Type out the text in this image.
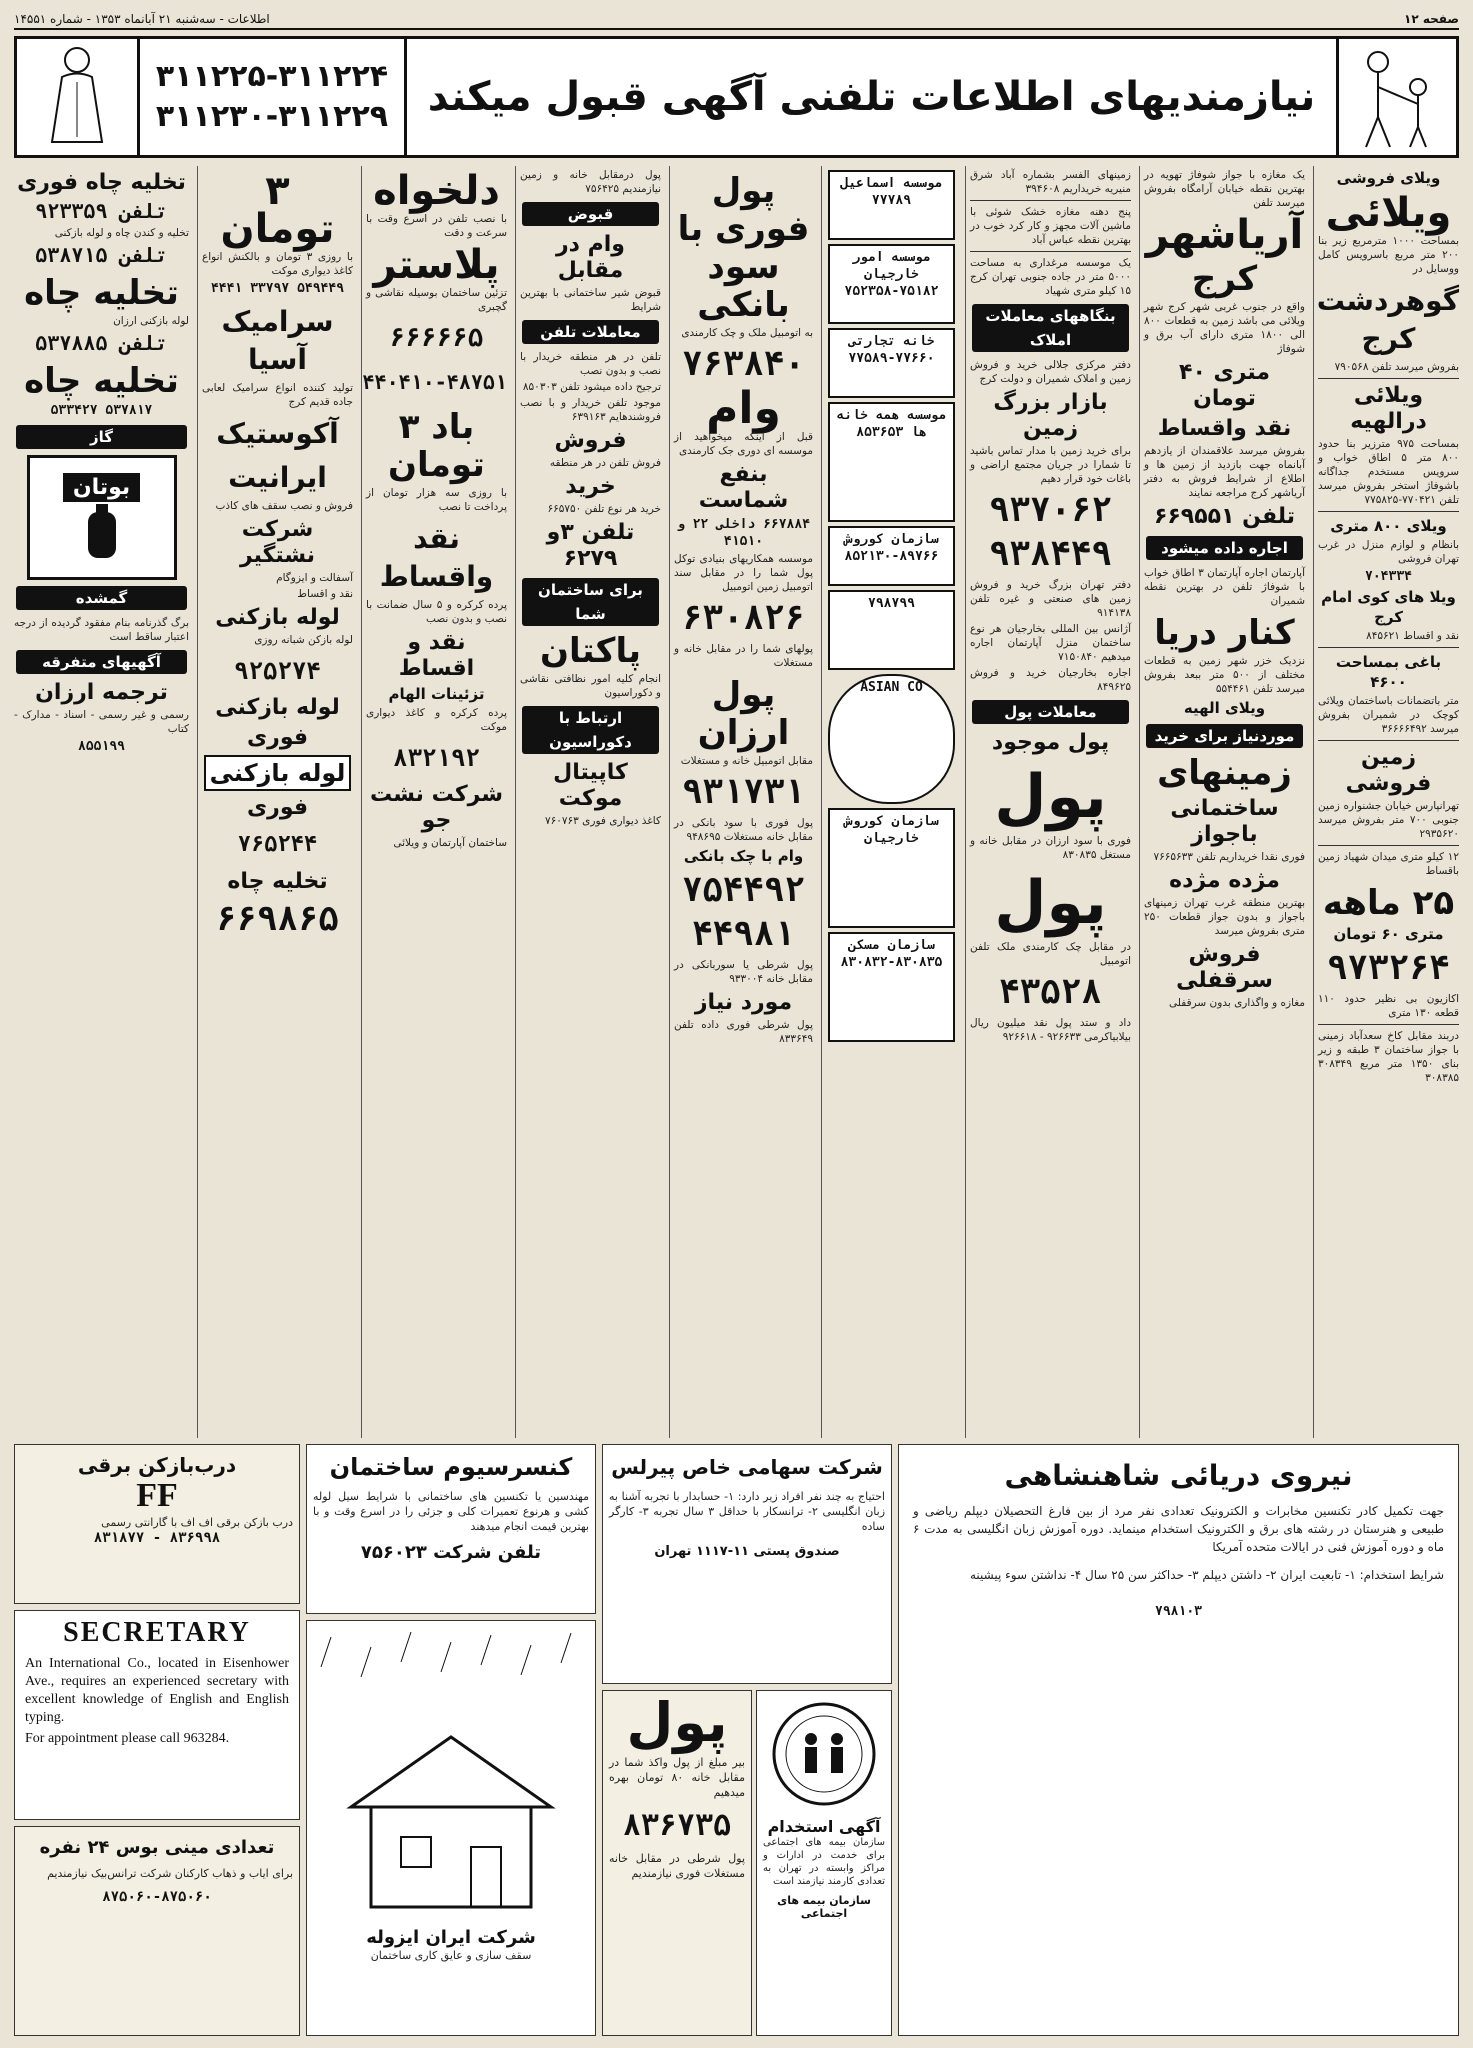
اطلاعات - سه‌شنبه ۲۱ آبانماه ۱۳۵۳ - شماره ۱۴۵۵۱	صفحه ۱۲
۳۱۱۲۲۵-۳۱۱۲۲۴
۳۱۱۲۳۰-۳۱۱۲۲۹ نیازمندیهای اطلاعات تلفنی آگهی قبول میکند
ویلای فروشی
ویلائی
بمساحت ۱۰۰۰ مترمربع زیر بنا ۲۰۰ متر مربع باسرویس کامل ووسایل در
گوهردشت کرج
بفروش میرسد تلفن ۷۹۰۵۶۸
ویلائی درالهیه
بمساحت ۹۷۵ مترزیر بنا حدود ۸۰۰ متر ۵ اطاق خواب و سرویس مستخدم جداگانه باشوفاژ استخر بفروش میرسد تلفن ۷۷۰۴۲۱-۷۷۵۸۲۵
ویلای ۸۰۰ متری
بانظام و لوازم منزل در غرب تهران فروشی
۷۰۴۳۳۴
ویلا های کوی امام کرج
نقد و اقساط ۸۴۵۶۲۱
باغی بمساحت ۴۶۰۰
متر باتضمانات باساختمان ویلائی کوچک در شمیران بفروش میرسد ۳۶۶۶۶۴۹۲
زمین فروشی
تهرانپارس خیابان جشنواره زمین جنوبی ۷۰۰ متر بفروش میرسد ۲۹۳۵۶۲۰
۱۲ کیلو متری میدان شهیاد زمین باقساط
۲۵ ماهه
متری ۶۰ تومان
۹۷۳۲۶۴
اکازیون بی نظیر حدود ۱۱۰ قطعه ۱۳۰ متری
دربند مقابل کاخ سعدآباد زمینی با جواز ساختمان ۳ طبقه و زیر بنای ۱۳۵۰ متر مربع ۳۰۸۳۴۹ ۳۰۸۳۸۵
یک مغازه با جواز شوفاژ تهویه در بهترین نقطه خیابان آرامگاه بفروش میرسد تلفن
آریاشهر
کرج
واقع در جنوب غربی شهر کرج شهر ویلائی می باشد زمین به قطعات ۸۰۰ الی ۱۸۰۰ متری دارای آب برق و شوفاژ
متری ۴۰ تومان
نقد واقساط
بفروش میرسد علاقمندان از یازدهم آبانماه جهت بازدید از زمین ها و اطلاع از شرایط فروش به دفتر آریاشهر کرج مراجعه نمایند
تلفن ۶۶۹۵۵۱
اجاره داده میشود
آپارتمان اجاره آپارتمان ۳ اطاق خواب با شوفاژ تلفن در بهترین نقطه شمیران
کنار دریا
نزدیک خزر شهر زمین به قطعات مختلف از ۵۰۰ متر ببعد بفروش میرسد تلفن ۵۵۴۴۶۱
ویلای الهیه
موردنیاز برای خرید
زمینهای
ساختمانی باجواز
فوری نقدا خریداریم تلفن ۷۶۶۵۶۳۳
مژده مژده
بهترین منطقه غرب تهران زمینهای باجواز و بدون جواز قطعات ۲۵۰ متری بفروش میرسد
فروش سرقفلی
مغازه و واگذاری بدون سرقفلی
زمینهای الفسر بشماره آباد شرق منیریه خریداریم ۳۹۴۶۰۸
پنج دهنه مغازه خشک شوئی با ماشین آلات مجهز و کار کرد خوب در بهترین نقطه عباس آباد
یک موسسه مرغداری به مساحت ۵۰۰۰ متر در جاده جنوبی تهران کرج ۱۵ کیلو متری شهیاد
بنگاههای معاملات املاک
دفتر مرکزی جلالی خرید و فروش زمین و املاک شمیران و دولت کرج
بازار بزرگ زمین
برای خرید زمین با مدار تماس باشید تا شمارا در جریان مجتمع اراضی و باغات خود قرار دهیم
۹۳۷۰۶۲
۹۳۸۴۴۹
دفتر تهران بزرگ خرید و فروش زمین های صنعتی و غیره تلفن ۹۱۴۱۳۸
آژانس بین المللی بخارجیان هر نوع ساختمان منزل آپارتمان اجاره میدهیم ۷۱۵۰۸۴۰
اجاره بخارجیان خرید و فروش ۸۴۹۶۲۵
معاملات پول
پول موجود
پول
فوری با سود ارزان در مقابل خانه و مستغل ۸۳۰۸۳۵
پول
در مقابل چک کارمندی ملک تلفن اتومبیل
۴۳۵۲۸
داد و ستد پول نقد میلیون ریال بیلابیاکرمی ۹۲۶۶۳۳ - ۹۲۶۶۱۸
موسسه اسماعیل ۷۷۷۸۹
موسسه امور خارجیان ۷۵۱۸۲-۷۵۲۳۵۸
خانه تجارتی ۷۷۶۶۰-۷۷۵۸۹
موسسه همه خانه ها ۸۵۳۶۵۳
سازمان کوروش ۸۹۷۶۶-۸۵۲۱۳۰
۷۹۸۷۹۹
ASIAN CO
سازمان کوروش خارجیان
سازمان مسکن ۸۳۰۸۳۵-۸۳۰۸۳۲
پول فوری با سود بانکی
به اتومبیل ملک و چک کارمندی
۷۶۳۸۴۰
وام
قبل از اینکه میخواهید از موسسه ای دوری جک کارمندی
بنفع شماست
۶۶۷۸۸۴ داخلی ۲۲ و ۴۱۵۱۰
موسسه همکاریهای بنیادی توکل پول شما را در مقابل سند اتومبیل زمین اتومبیل
۶۳۰۸۲۶
پولهای شما را در مقابل خانه و مستغلات
پول ارزان
مقابل اتومبیل خانه و مستغلات
۹۳۱۷۳۱
پول فوری با سود بانکی در مقابل خانه مستغلات ۹۴۸۶۹۵
وام با چک بانکی
۷۵۴۴۹۲
۴۴۹۸۱
پول شرطی یا سوربانکی در مقابل خانه ۹۳۳۰۰۴
مورد نیاز
پول شرطی فوری داده تلفن ۸۳۳۶۴۹
پول درمقابل خانه و زمین نیازمندیم ۷۵۶۴۲۵
قبوض
وام در مقابل
قبوض شیر ساختمانی با بهترین شرایط
معاملات تلفن
تلفن در هر منطقه خریدار با نصب و بدون نصب
ترجیح داده میشود تلفن ۸۵۰۳۰۳
موجود تلفن خریدار و با نصب فروشندهایم ۶۳۹۱۶۳
فروش
فروش تلفن در هر منطقه
خرید
خرید هر نوع تلفن ۶۶۵۷۵۰
تلفن ۳و ۶۲۷۹
برای ساختمان شما
پاکتان
انجام کلیه امور نظافتی نقاشی و دکوراسیون
ارتباط با دکوراسیون
کاپیتال موکت
کاغذ دیواری فوری ۷۶۰۷۶۳
دلخواه
با نصب تلفن در اسرع وقت با سرعت و دقت
پلاستر
تزئین ساختمان بوسیله نقاشی و گچبری
۶۶۶۶۶۵
۴۴۰۴۱۰-۴۸۷۵۱
باد ۳ تومان
با روزی سه هزار تومان از پرداخت تا نصب
نقد واقساط
پرده کرکره و ۵ سال ضمانت با نصب و بدون نصب
نقد و اقساط
تزئینات الهام
پرده کرکره و کاغذ دیواری موکت
۸۳۲۱۹۲
شرکت نشت جو
ساختمان آپارتمان و ویلائی
۳ تومان
با روزی ۳ تومان و بالکنش انواع کاغذ دیواری موکت
۵۴۹۴۴۹ ۳۳۷۹۷ ۴۴۴۱
سرامیک آسیا
تولید کننده انواع سرامیک لعابی جاده قدیم کرج
آکوستیک
ایرانیت
فروش و نصب سقف های کاذب
شرکت نشتگیر
آسفالت و ایزوگام
نقد و اقساط
لوله بازکنی
لوله بازکن شبانه روزی
۹۲۵۲۷۴
لوله بازکنی
فوری
لوله بازکنی
فوری
۷۶۵۲۴۴
تخلیه چاه
۶۶۹۸۶۵
تخلیه چاه فوری
تلفن ۹۲۳۳۵۹
تخلیه و کندن چاه و لوله بازکنی
تلفن ۵۳۸۷۱۵
تخلیه چاه
لوله بازکنی ارزان
تلفن ۵۳۷۸۸۵
تخلیه چاه
۵۳۷۸۱۷ ۵۳۳۴۲۷
گاز
بوتان
گمشده
برگ گذرنامه بنام مفقود گردیده از درجه اعتبار ساقط است
آگهیهای متفرقه
ترجمه ارزان
رسمی و غیر رسمی - اسناد - مدارک - کتاب
۸۵۵۱۹۹
درب‌بازکن برقی
FF
درب بازکن برقی اف اف با گارانتی رسمی
۸۳۶۹۹۸ - ۸۳۱۸۷۷
SECRETARY
An International Co., located in Eisenhower Ave., requires an experienced secretary with excellent knowledge of English and English typing.
For appointment please call 963284.
تعدادی مینی بوس ۲۴ نفره
برای ایاب و ذهاب کارکنان شرکت ترانس‌بیک نیازمندیم
۸۷۵۰۶۰-۸۷۵۰۶۰
کنسرسیوم ساختمان
مهندسین یا تکنسین های ساختمانی با شرایط سیل لوله کشی و هرنوع تعمیرات کلی و جزئی را در اسرع وقت و با بهترین قیمت انجام میدهند
تلفن شرکت ۷۵۶۰۲۳
شرکت ایران ایزوله
سقف سازی و عایق کاری ساختمان
شرکت سهامی خاص پیرلس
احتیاج به چند نفر افراد زیر دارد: ۱- حسابدار با تجربه آشنا به زبان انگلیسی ۲- ترانسکار با حداقل ۳ سال تجربه ۳- کارگر ساده
صندوق پستی ۱۱-۱۱۱۷ تهران
پول
بیر مبلغ از پول واکذ شما در مقابل خانه ۸۰ تومان بهره میدهیم
۸۳۶۷۳۵
پول شرطی در مقابل خانه مستغلات فوری نیازمندیم
آگهی استخدام
سازمان بیمه های اجتماعی برای خدمت در ادارات و مراکز وابسته در تهران به تعدادی کارمند نیازمند است
سازمان بیمه های اجتماعی
نیروی دریائی شاهنشاهی
جهت تکمیل کادر تکنسین مخابرات و الکترونیک تعدادی نفر مرد از بین فارغ التحصیلان دیپلم ریاضی و طبیعی و هنرستان در رشته های برق و الکترونیک استخدام مینماید. دوره آموزش زبان انگلیسی به مدت ۶ ماه و دوره آموزش فنی در ایالات متحده آمریکا
شرایط استخدام: ۱- تابعیت ایران ۲- داشتن دیپلم ۳- حداکثر سن ۲۵ سال ۴- نداشتن سوء پیشینه
۷۹۸۱۰۳
